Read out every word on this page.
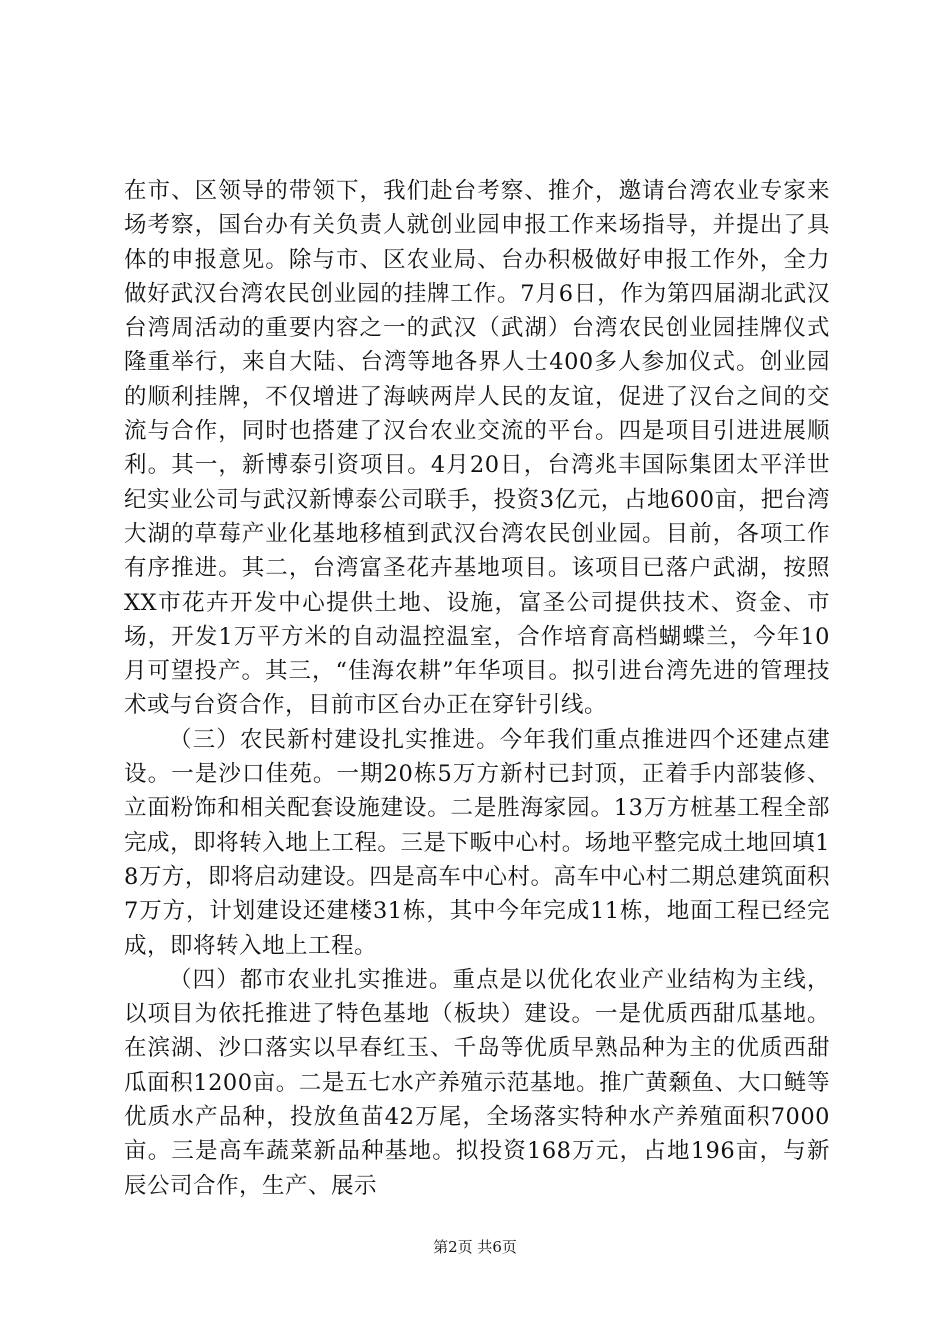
在市、区领导的带领下，我们赴台考察、推介，邀请台湾农业专家来场考察，国台办有关负责人就创业园申报工作来场指导，并提出了具体的申报意见。除与市、区农业局、台办积极做好申报工作外，全力做好武汉台湾农民创业园的挂牌工作。7月6日，作为第四届湖北武汉台湾周活动的重要内容之一的武汉（武湖）台湾农民创业园挂牌仪式隆重举行，来自大陆、台湾等地各界人士400多人参加仪式。创业园的顺利挂牌，不仅增进了海峡两岸人民的友谊，促进了汉台之间的交流与合作，同时也搭建了汉台农业交流的平台。四是项目引进进展顺利。其一，新博泰引资项目。4月20日，台湾兆丰国际集团太平洋世纪实业公司与武汉新博泰公司联手，投资3亿元，占地600亩，把台湾大湖的草莓产业化基地移植到武汉台湾农民创业园。目前，各项工作有序推进。其二，台湾富圣花卉基地项目。该项目已落户武湖，按照XX市花卉开发中心提供土地、设施，富圣公司提供技术、资金、市场，开发1万平方米的自动温控温室，合作培育高档蝴蝶兰，今年10月可望投产。其三，“佳海农耕”年华项目。拟引进台湾先进的管理技术或与台资合作，目前市区台办正在穿针引线。

（三）农民新村建设扎实推进。今年我们重点推进四个还建点建设。一是沙口佳苑。一期20栋5万方新村已封顶，正着手内部装修、立面粉饰和相关配套设施建设。二是胜海家园。13万方桩基工程全部完成，即将转入地上工程。三是下畈中心村。场地平整完成土地回填18万方，即将启动建设。四是高车中心村。高车中心村二期总建筑面积7万方，计划建设还建楼31栋，其中今年完成11栋，地面工程已经完成，即将转入地上工程。

（四）都市农业扎实推进。重点是以优化农业产业结构为主线，以项目为依托推进了特色基地（板块）建设。一是优质西甜瓜基地。在滨湖、沙口落实以早春红玉、千岛等优质早熟品种为主的优质西甜瓜面积1200亩。二是五七水产养殖示范基地。推广黄颡鱼、大口鲢等优质水产品种，投放鱼苗42万尾，全场落实特种水产养殖面积7000亩。三是高车蔬菜新品种基地。拟投资168万元，占地196亩，与新辰公司合作，生产、展示

第2页 共6页
